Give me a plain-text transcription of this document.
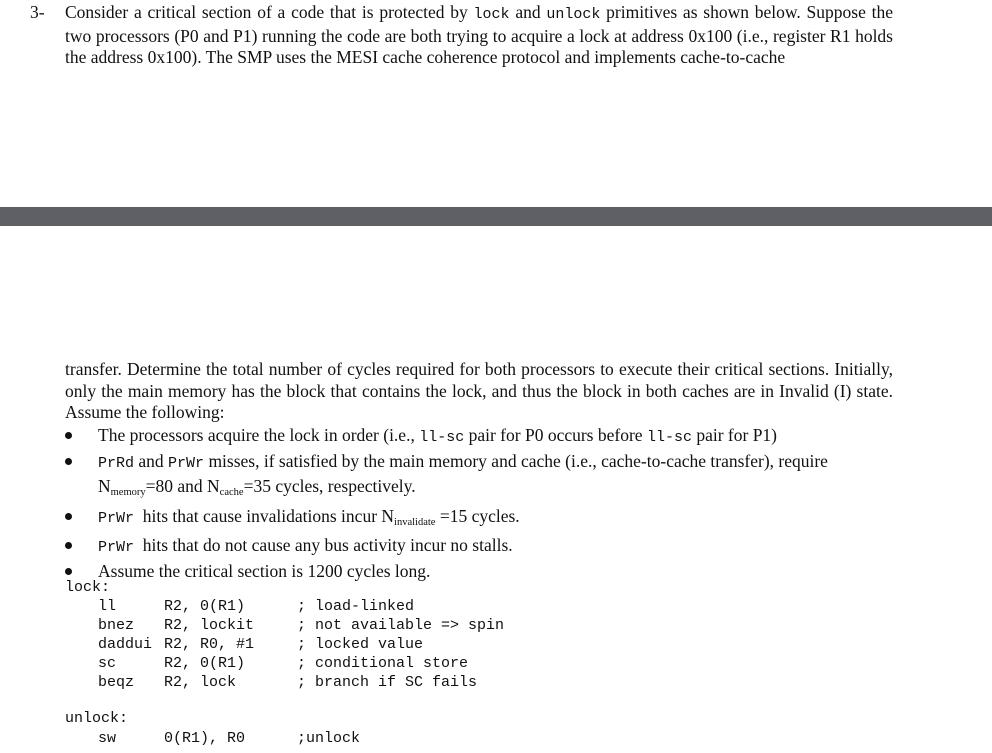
3- Consider a critical section of a code that is protected by lock and unlock primitives as shown below. Suppose the two processors (P0 and P1) running the code are both trying to acquire a lock at address 0x100 (i.e., register R1 holds the address 0x100). The SMP uses the MESI cache coherence protocol and implements cache-to-cache
transfer. Determine the total number of cycles required for both processors to execute their critical sections. Initially, only the main memory has the block that contains the lock, and thus the block in both caches are in Invalid (I) state. Assume the following:
The processors acquire the lock in order (i.e., ll-sc pair for P0 occurs before ll-sc pair for P1)
PrRd and PrWr misses, if satisfied by the main memory and cache (i.e., cache-to-cache transfer), require $N_{memory}=80$ and $N_{cache}=35$ cycles, respectively.
PrWr  hits that cause invalidations incur $N_{invalidate} =15$ cycles.
PrWr  hits that do not cause any bus activity incur no stalls.
Assume the critical section is 1200 cycles long.
lock:
ll	R2, 0(R1)	; load-linked
bnez R2, lockit	; not available => spin
daddui R2, R0, #1	; locked value
sc	R2, 0(R1)	; conditional store
beqz R2, lock	; branch if SC fails
unlock:
sw	0(R1), R0	;unlock
